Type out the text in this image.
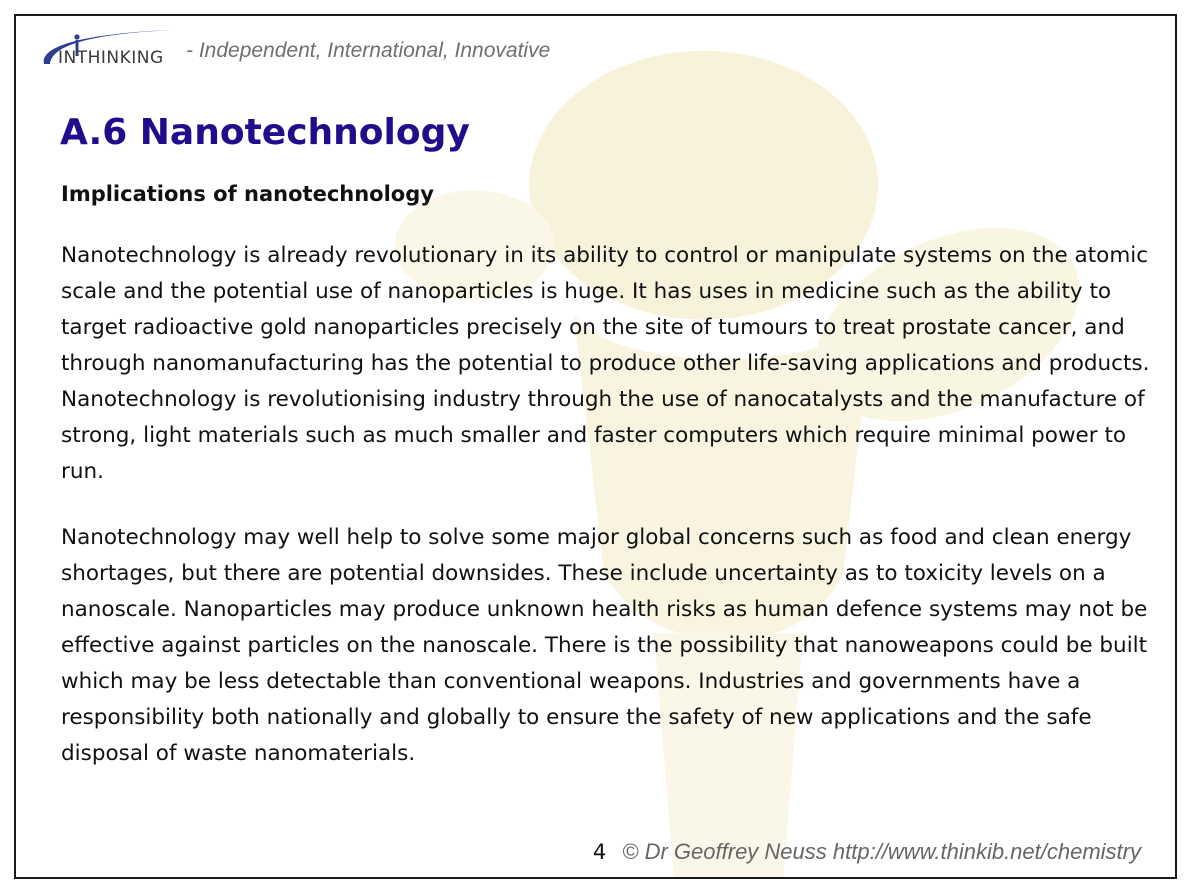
INTHINKING - Independent, International, Innovative
A.6 Nanotechnology
Implications of nanotechnology

Nanotechnology is already revolutionary in its ability to control or manipulate systems on the atomic scale and the potential use of nanoparticles is huge. It has uses in medicine such as the ability to target radioactive gold nanoparticles precisely on the site of tumours to treat prostate cancer, and through nanomanufacturing has the potential to produce other life-saving applications and products. Nanotechnology is revolutionising industry through the use of nanocatalysts and the manufacture of strong, light materials such as much smaller and faster computers which require minimal power to run.

Nanotechnology may well help to solve some major global concerns such as food and clean energy shortages, but there are potential downsides. These include uncertainty as to toxicity levels on a nanoscale. Nanoparticles may produce unknown health risks as human defence systems may not be effective against particles on the nanoscale. There is the possibility that nanoweapons could be built which may be less detectable than conventional weapons. Industries and governments have a responsibility both nationally and globally to ensure the safety of new applications and the safe disposal of waste nanomaterials.

4 © Dr Geoffrey Neuss http://www.thinkib.net/chemistry
